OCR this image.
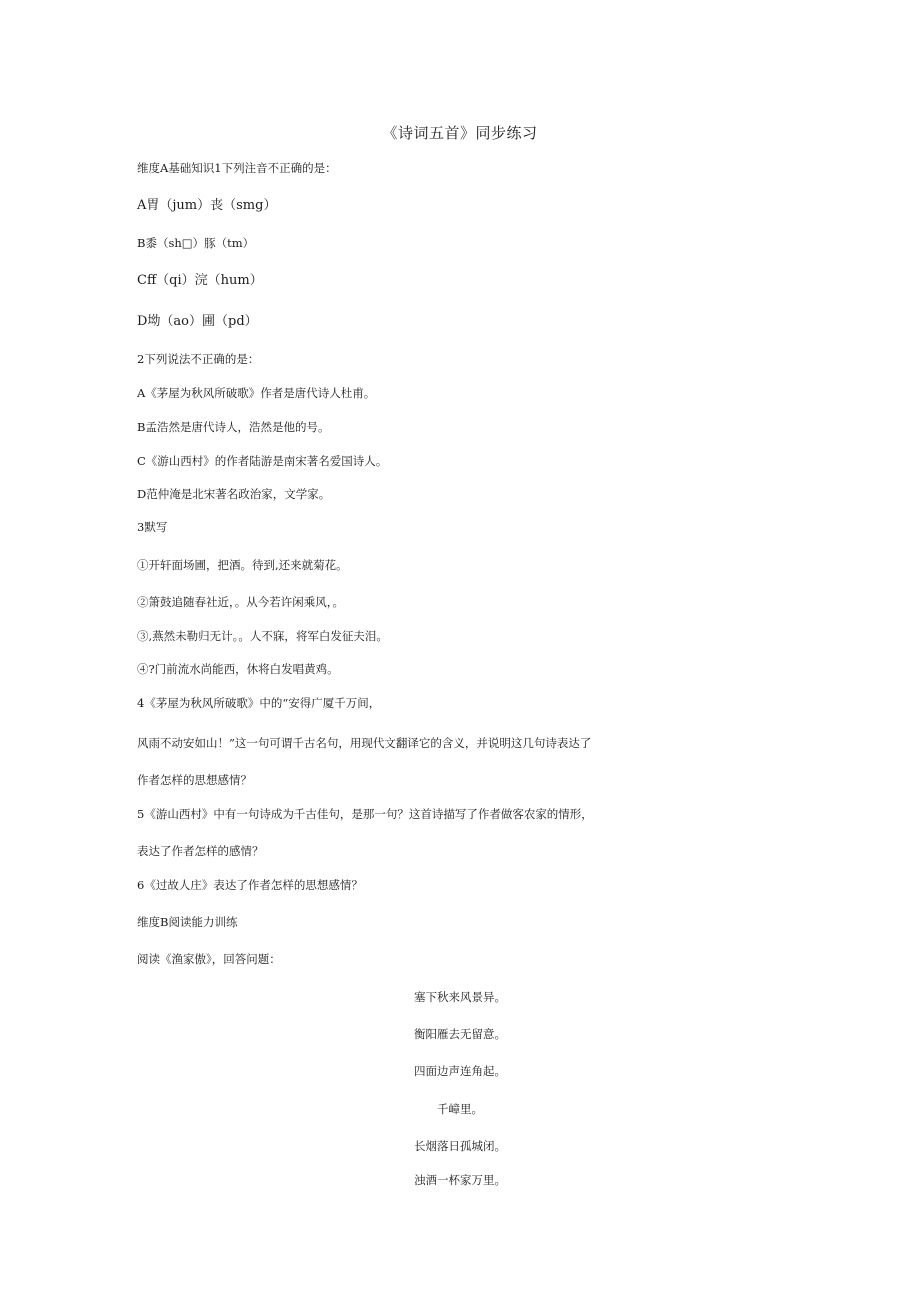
《诗词五首》同步练习
维度A基础知识1下列注音不正确的是：
A胃（jum）丧（smg）
B黍（sh□）豚（tm）
Cff（qi）浣（hum）
D坳（ao）圃（pd）
2下列说法不正确的是：
A《茅屋为秋风所破歌》作者是唐代诗人杜甫。
B孟浩然是唐代诗人，浩然是他的号。
C《游山西村》的作者陆游是南宋著名爱国诗人。
D范仲淹是北宋著名政治家，文学家。
3默写
①开轩面场圃，把酒。待到,还来就菊花。
②箫鼓追随春社近，。从今若许闲乘风，。
③,燕然未勒归无计。。人不寐，将军白发征夫泪。
④?门前流水尚能西，休将白发唱黄鸡。
4《茅屋为秋风所破歌》中的“安得广厦千万间，
风雨不动安如山！”这一句可谓千古名句，用现代文翻译它的含义，并说明这几句诗表达了
作者怎样的思想感情？
5《游山西村》中有一句诗成为千古佳句，是那一句？这首诗描写了作者做客农家的情形，
表达了作者怎样的感情？
6《过故人庄》表达了作者怎样的思想感情？
维度B阅读能力训练
阅读《渔家傲》，回答问题：
塞下秋来风景异。
衡阳雁去无留意。
四面边声连角起。
千嶂里。
长烟落日孤城闭。
浊酒一杯家万里。
